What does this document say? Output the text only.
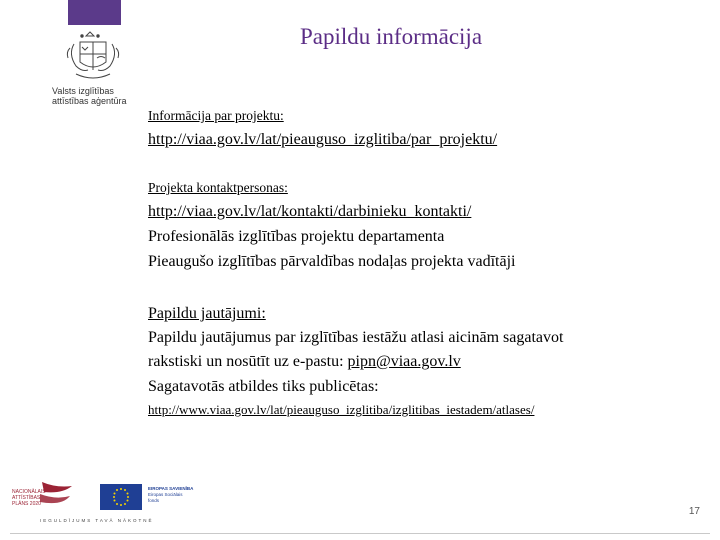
Papildu informācija
Valsts izglītības
attīstības aģentūra
Informācija par projektu:
http://viaa.gov.lv/lat/pieauguso_izglitiba/par_projektu/
Projekta kontaktpersonas:
http://viaa.gov.lv/lat/kontakti/darbinieku_kontakti/
Profesionālās izglītības projektu departamenta
Pieaugušo izglītības pārvaldības nodaļas projekta vadītāji
Papildu jautājumi:
Papildu jautājumus par izglītības iestāžu atlasi aicinām sagatavot
rakstiski un nosūtīt uz e-pastu: pipn@viaa.gov.lv
Sagatavotās atbildes tiks publicētas:
http://www.viaa.gov.lv/lat/pieauguso_izglitiba/izglitibas_iestadem/atlases/
NACIONĀLAIS
ATTĪSTĪBAS
PLĀNS 2020
EIROPAS SAVIENĪBA
Eiropas Sociālais
fonds
IEGULDĪJUMS TAVĀ NĀKOTNĒ
17
